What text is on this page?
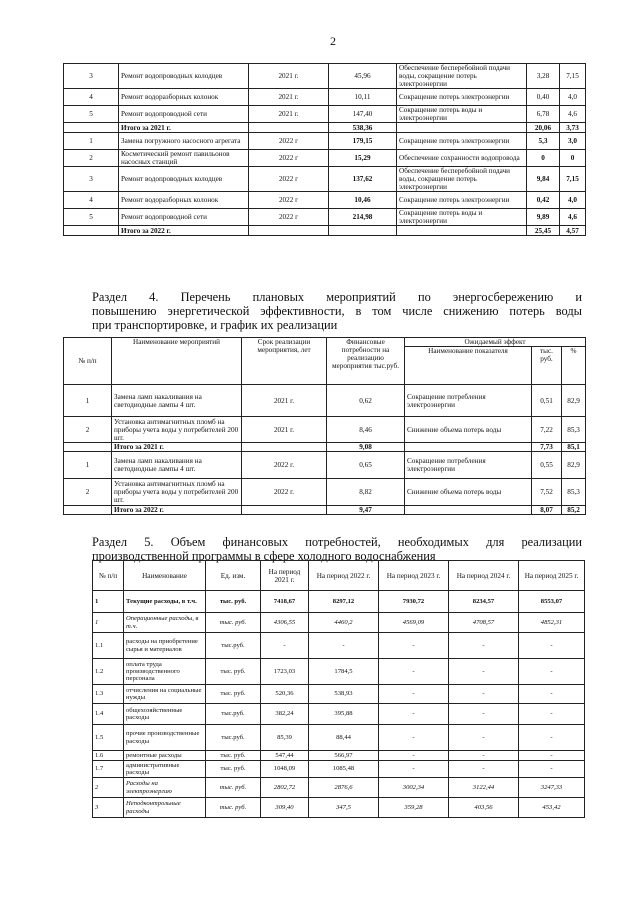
2
3	Ремонт водопроводных колодцев	2021 г.	45,96	Обеспечение бесперебойной подачи воды, сокращение потерь электроэнергии	3,28	7,15
4	Ремонт водоразборных колонок	2021 г.	10,11	Сокращение потерь электроэнергии	0,40	4,0
5	Ремонт водопроводной сети	2021 г.	147,40	Сокращение потерь воды и электроэнергии	6,78	4,6
	Итого за 2021 г.		538,36		20,06	3,73
1	Замена погружного насосного агрегата	2022 г	179,15	Сокращение потерь электроэнергии	5,3	3,0
2	Косметический ремонт павильонов насосных станций	2022 г	15,29	Обеспечение сохранности водопровода	0	0
3	Ремонт водопроводных колодцев	2022 г	137,62	Обеспечение бесперебойной подачи воды, сокращение потерь электроэнергии	9,84	7,15
4	Ремонт водоразборных колонок	2022 г	10,46	Сокращение потерь электроэнергии	0,42	4,0
5	Ремонт водопроводной сети	2022 г	214,98	Сокращение потерь воды и электроэнергии	9,89	4,6
	Итого за 2022 г.				25,45	4,57
Раздел 4. Перечень плановых мероприятий по энергосбережению и
повышению энергетической эффективности, в том числе снижению потерь воды
при транспортировке, и график их реализации
№ п/п	Наименование мероприятий	Срок реализации мероприятия, лет	Финансовые потребности на реализацию мероприятия тыс.руб.	Ожидаемый эффект		
				Наименование показателя	тыс. руб.	%
1	Замена ламп накаливания на светодиодные лампы 4 шт.	2021 г.	0,62	Сокращение потребления электроэнергии	0,51	82,9
2	Установка антимагнитных пломб на приборы учета воды у потребителей 200 шт.	2021 г.	8,46	Снижение объема потерь воды	7,22	85,3
	Итого за 2021 г.		9,08		7,73	85,1
1	Замена ламп накаливания на светодиодные лампы 4 шт.	2022 г.	0,65	Сокращение потребления электроэнергии	0,55	82,9
2	Установка антимагнитных пломб на приборы учета воды у потребителей 200 шт.	2022 г.	8,82	Снижение объема потерь воды	7,52	85,3
	Итого за 2022 г.		9,47		8,07	85,2
Раздел 5. Объем финансовых потребностей, необходимых для реализации
производственной программы в сфере холодного водоснабжения
№ п/п	Наименование	Ед. изм.	На период 2021 г.	На период 2022 г.	На период 2023 г.	На период 2024 г.	На период 2025 г.
1	Текущие расходы, в т.ч.	тыс. руб.	7418,67	8297,12	7930,72	8234,57	8553,07
1	Операционные расходы, в т.ч.	тыс. руб.	4306,55	4460,2	4569,09	4708,57	4852,31
1.1	расходы на приобретение сырья и материалов	тыс.руб.	-	-	-	-	-
1.2	оплата труда производственного персонала	тыс. руб.	1723,03	1784,5	-	-	-
1.3	отчисления на социальные нужды	тыс. руб.	520,36	538,93	-	-	-
1.4	общехозяйственные расходы	тыс.руб.	382,24	395,88	-	-	-
1.5	прочие производственные расходы	тыс.руб.	85,39	88,44	-	-	-
1.6	ремонтные расходы	тыс. руб.	547,44	566,97	-	-	-
1.7	административные расходы	тыс. руб.	1048,09	1085,48	-	-	-
2	Расходы на электроэнергию	тыс. руб.	2802,72	2876,6	3002,34	3122,44	3247,33
3	Неподконтрольные расходы	тыс. руб.	309,40	347,5	359,28	403,56	453,42
